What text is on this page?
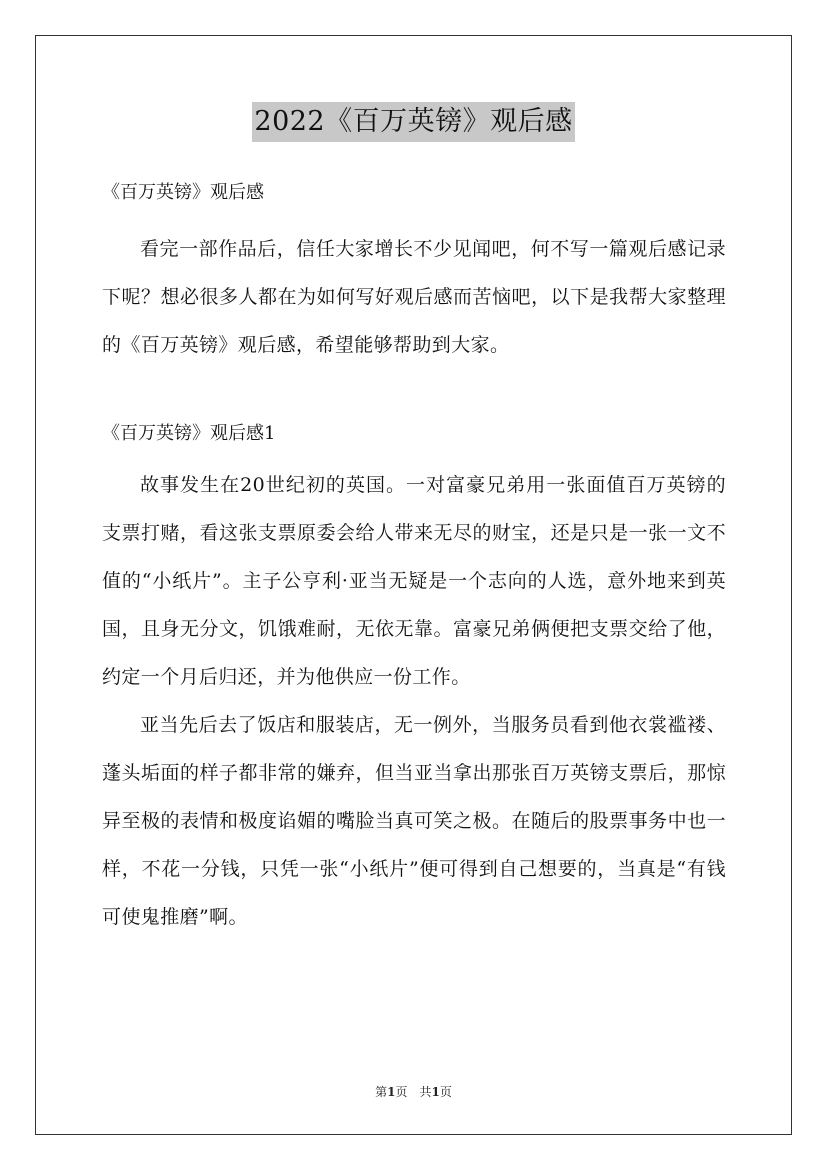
2022《百万英镑》观后感

《百万英镑》观后感

看完一部作品后，信任大家增长不少见闻吧，何不写一篇观后感记录下呢？想必很多人都在为如何写好观后感而苦恼吧，以下是我帮大家整理的《百万英镑》观后感，希望能够帮助到大家。

《百万英镑》观后感1

故事发生在20世纪初的英国。一对富豪兄弟用一张面值百万英镑的支票打赌，看这张支票原委会给人带来无尽的财宝，还是只是一张一文不值的“小纸片”。主子公亨利·亚当无疑是一个志向的人选，意外地来到英国，且身无分文，饥饿难耐，无依无靠。富豪兄弟俩便把支票交给了他，约定一个月后归还，并为他供应一份工作。

亚当先后去了饭店和服装店，无一例外，当服务员看到他衣裳褴褛、蓬头垢面的样子都非常的嫌弃，但当亚当拿出那张百万英镑支票后，那惊异至极的表情和极度谄媚的嘴脸当真可笑之极。在随后的股票事务中也一样，不花一分钱，只凭一张“小纸片”便可得到自己想要的，当真是“有钱可使鬼推磨”啊。

第1页　共1页
